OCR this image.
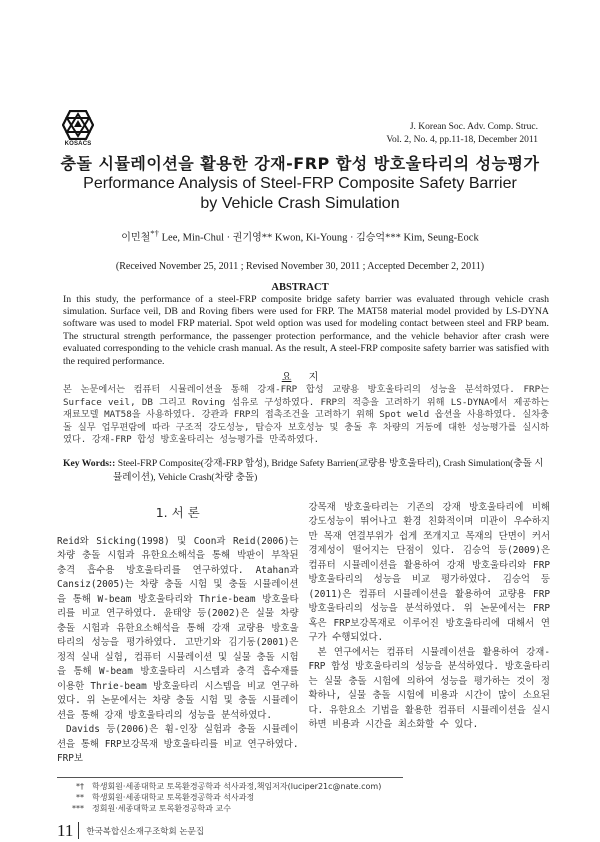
충돌 시뮬레이션을 활용한 강재-FRP 합성 방호울타리의 성능평가
Performance Analysis of Steel-FRP Composite Safety Barrier
by Vehicle Crash Simulation
이민철*† Lee, Min-Chul · 권기영** Kwon, Ki-Young · 김승억*** Kim, Seung-Eock
(Received November 25, 2011 ; Revised November 30, 2011 ; Accepted December 2, 2011)
ABSTRACT
In this study, the performance of a steel-FRP composite bridge safety barrier was evaluated through vehicle crash simulation. Surface veil, DB and Roving fibers were used for FRP. The MAT58 material model provided by LS-DYNA software was used to model FRP material. Spot weld option was used for modeling contact between steel and FRP beam. The structural strength performance, the passenger protection performance, and the vehicle behavior after crash were evaluated corresponding to the vehicle crash manual. As the result, A steel-FRP composite safety barrier was satisfied with the required performance.
요 지
본 논문에서는 컴퓨터 시뮬레이션을 통해 강재-FRP 합성 교량용 방호울타리의 성능을 분석하였다. FRP는 Surface veil, DB 그리고 Roving 섬유로 구성하였다. FRP의 적층을 고려하기 위해 LS-DYNA에서 제공하는 재료모델 MAT58을 사용하였다. 강관과 FRP의 접촉조건을 고려하기 위해 Spot weld 옵션을 사용하였다. 실차충돌 실무 업무편람에 따라 구조적 강도성능, 탑승자 보호성능 및 충돌 후 차량의 거동에 대한 성능평가를 실시하였다. 강재-FRP 합성 방호울타리는 성능평가를 만족하였다.
Key Words:: Steel-FRP Composite(강재-FRP 합성), Bridge Safety Barrien(교량용 방호울타리), Crash Simulation(충돌 시뮬레이션), Vehicle Crash(차량 충돌)
1. 서 론

Reid와 Sicking(1998) 및 Coon과 Reid(2006)는 차량 충돌 시험과 유한요소해석을 통해 박판이 부착된 충격 흡수용 방호울타리를 연구하였다. Atahan과 Cansiz(2005)는 차량 충돌 시험 및 충돌 시뮬레이션을 통해 W-beam 방호울타리와 Thrie-beam 방호울타리를 비교 연구하였다. 윤태양 등(2002)은 실물 차량 충돌 시험과 유한요소해석을 통해 강재 교량용 방호울타리의 성능을 평가하였다. 고만기와 김기동(2001)은 정적 실내 실험, 컴퓨터 시뮬레이션 및 실물 충돌 시험을 통해 W-beam 방호울타리 시스템과 충격 흡수재를 이용한 Thrie-beam 방호울타리 시스템을 비교 연구하였다. 위 논문에서는 차량 충돌 시험 및 충돌 시뮬레이션을 통해 강재 방호울타리의 성능을 분석하였다.

Davids 등(2006)은 휨-인장 실험과 충돌 시뮬레이션을 통해 FRP보강목재 방호울타리를 비교 연구하였다. FRP보

강목재 방호울타리는 기존의 강재 방호울타리에 비해 강도성능이 뛰어나고 환경 친화적이며 미관이 우수하지만 목재 연결부위가 쉽게 쪼개지고 목재의 단면이 커서 경제성이 떨어지는 단점이 있다. 김승억 등(2009)은 컴퓨터 시뮬레이션을 활용하여 강재 방호울타리와 FRP 방호울타리의 성능을 비교 평가하였다. 김승억 등(2011)은 컴퓨터 시뮬레이션을 활용하여 교량용 FRP 방호울타리의 성능을 분석하였다. 위 논문에서는 FRP 혹은 FRP보강목재로 이루어진 방호울타리에 대해서 연구가 수행되었다.

본 연구에서는 컴퓨터 시뮬레이션을 활용하여 강재-FRP 합성 방호울타리의 성능을 분석하였다. 방호울타리는 실물 충돌 시험에 의하여 성능을 평가하는 것이 정확하나, 실물 충돌 시험에 비용과 시간이 많이 소요된다. 유한요소 기법을 활용한 컴퓨터 시뮬레이션을 실시하면 비용과 시간을 최소화할 수 있다.

*† 학생회원·세종대학교 토목환경공학과 석사과정,책임저자(luciper21c@nate.com)
** 학생회원·세종대학교 토목환경공학과 석사과정
*** 정회원·세종대학교 토목환경공학과 교수
11 한국복합신소재구조학회 논문집
KOSACS
J. Korean Soc. Adv. Comp. Struc.
Vol. 2, No. 4, pp.11-18, December 2011
